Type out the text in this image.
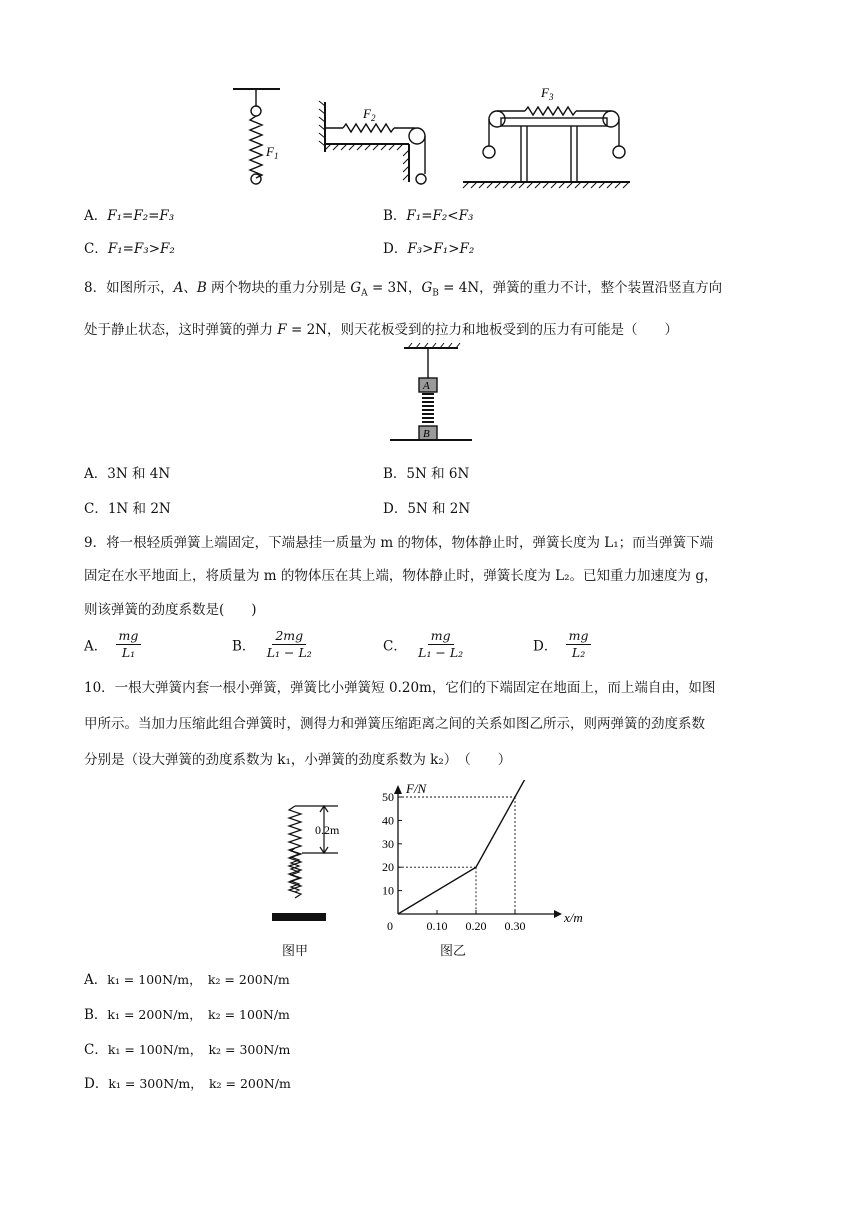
$F_1$
$F_2$
$F_3$
A．F₁=F₂=F₃	B．F₁=F₂<F₃
C．F₁=F₃>F₂	D．F₃>F₁>F₂
8．如图所示，A、B 两个物块的重力分别是 $G_A = 3N$，$G_B = 4N$，弹簧的重力不计，整个装置沿竖直方向
处于静止状态，这时弹簧的弹力 F = 2N，则天花板受到的拉力和地板受到的压力有可能是（　　）
A
B
A．3N 和 4N	B．5N 和 6N
C．1N 和 2N	D．5N 和 2N
9．将一根轻质弹簧上端固定，下端悬挂一质量为 m 的物体，物体静止时，弹簧长度为 L₁；而当弹簧下端
固定在水平地面上，将质量为 m 的物体压在其上端，物体静止时，弹簧长度为 L₂。已知重力加速度为 g，
则该弹簧的劲度系数是(　　)
A． $\frac{mg}{\text{L₁}}$	B． $\frac{2mg}{\text{L₁ − L₂}}$	C． $\frac{mg}{\text{L₁ − L₂}}$	D． $\frac{mg}{\text{L₂}}$
10．一根大弹簧内套一根小弹簧，弹簧比小弹簧短 0.20m，它们的下端固定在地面上，而上端自由，如图
甲所示。当加力压缩此组合弹簧时，测得力和弹簧压缩距离之间的关系如图乙所示，则两弹簧的劲度系数
分别是（设大弹簧的劲度系数为 k₁，小弹簧的劲度系数为 k₂）　（　　）
0.2m
图甲
F/N
x/m
10
20
30
40
50
0	0.10 0.20 0.30
图乙
A．k₁ = 100N/m，　k₂ = 200N/m
B．k₁ = 200N/m，　k₂ = 100N/m
C．k₁ = 100N/m，　k₂ = 300N/m
D．k₁ = 300N/m，　k₂ = 200N/m
